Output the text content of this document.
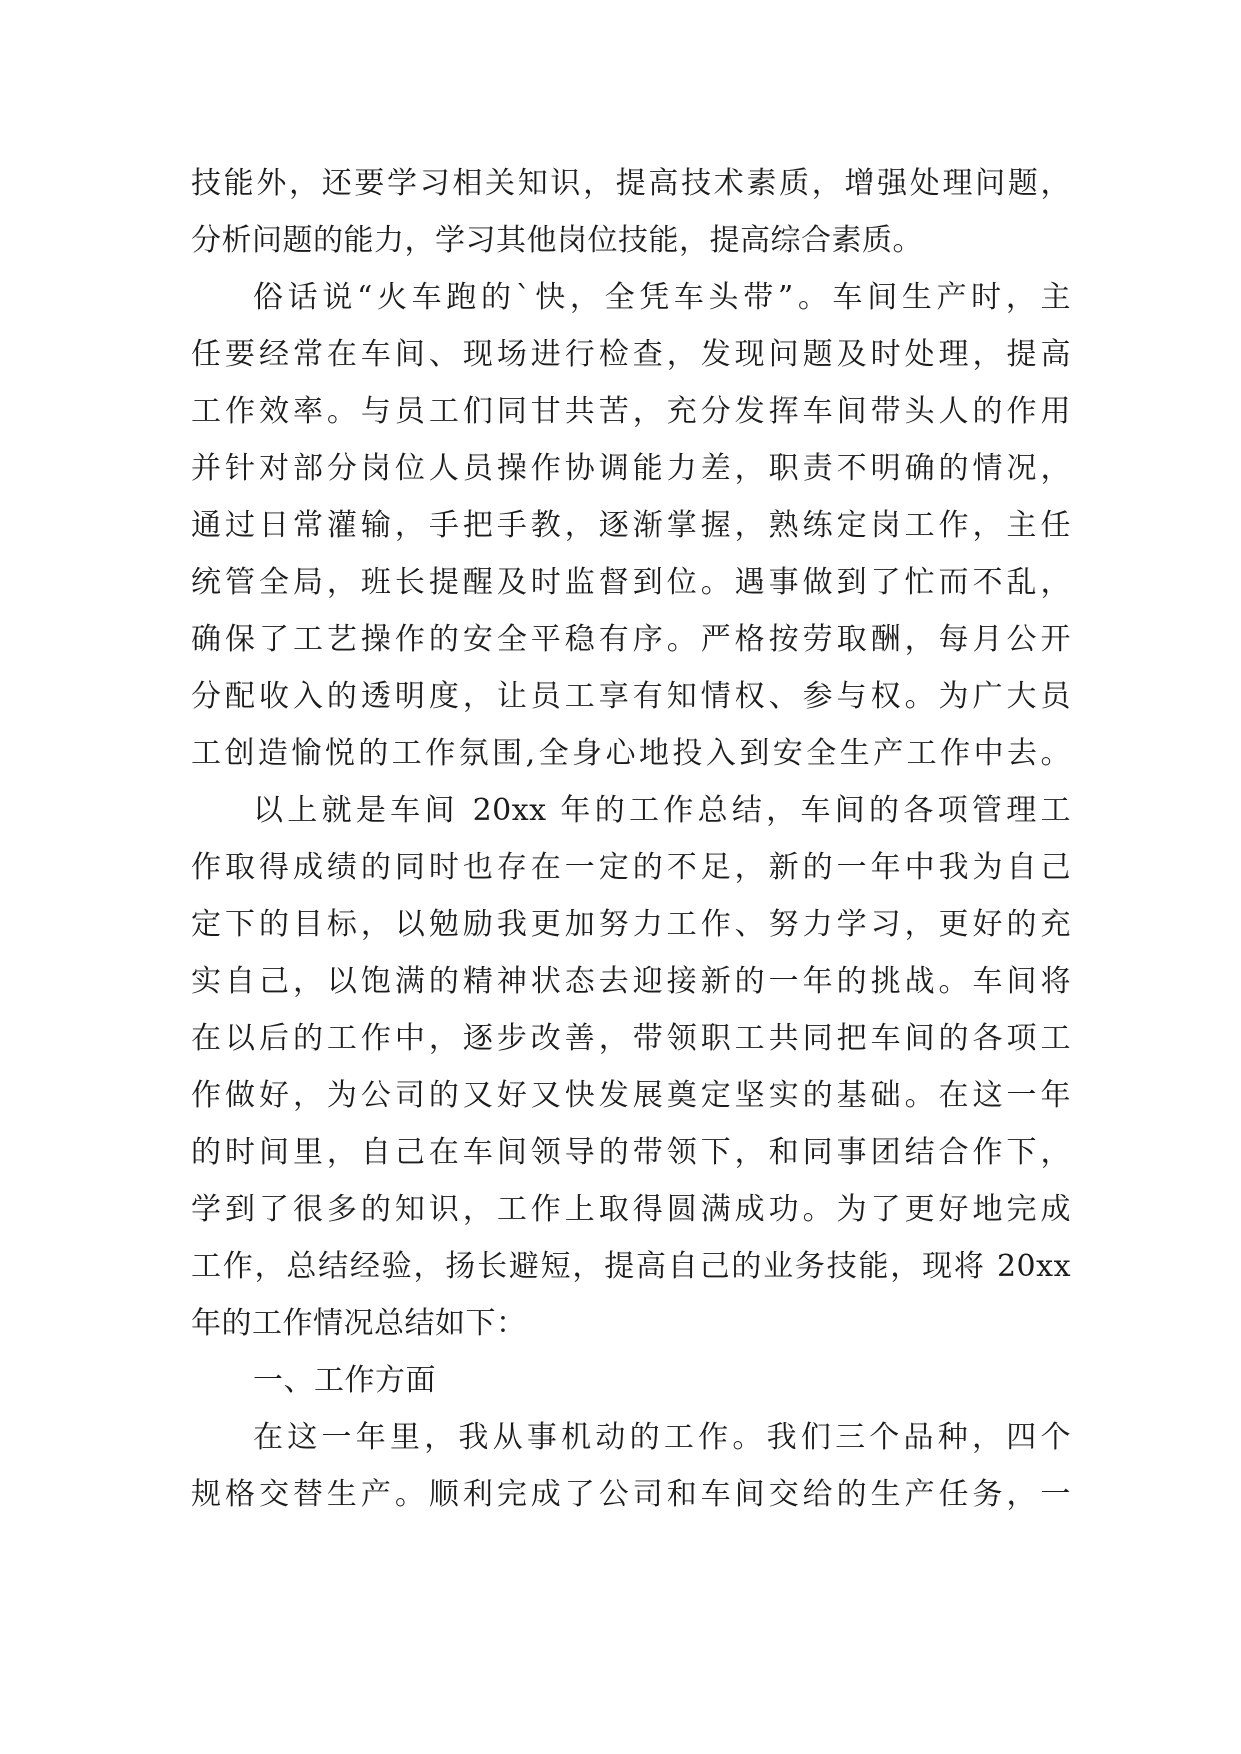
技能外，还要学习相关知识，提高技术素质，增强处理问题，
分析问题的能力，学习其他岗位技能，提高综合素质。
俗话说“火车跑的`快，全凭车头带”。车间生产时，主
任要经常在车间、现场进行检查，发现问题及时处理，提高
工作效率。与员工们同甘共苦，充分发挥车间带头人的作用
并针对部分岗位人员操作协调能力差，职责不明确的情况，
通过日常灌输，手把手教，逐渐掌握，熟练定岗工作，主任
统管全局，班长提醒及时监督到位。遇事做到了忙而不乱，
确保了工艺操作的安全平稳有序。严格按劳取酬，每月公开
分配收入的透明度，让员工享有知情权、参与权。为广大员
工创造愉悦的工作氛围,全身心地投入到安全生产工作中去。
以上就是车间 20xx 年的工作总结，车间的各项管理工
作取得成绩的同时也存在一定的不足，新的一年中我为自己
定下的目标，以勉励我更加努力工作、努力学习，更好的充
实自己，以饱满的精神状态去迎接新的一年的挑战。车间将
在以后的工作中，逐步改善，带领职工共同把车间的各项工
作做好，为公司的又好又快发展奠定坚实的基础。在这一年
的时间里，自己在车间领导的带领下，和同事团结合作下，
学到了很多的知识，工作上取得圆满成功。为了更好地完成
工作，总结经验，扬长避短，提高自己的业务技能，现将 20xx
年的工作情况总结如下：
一、工作方面
在这一年里，我从事机动的工作。我们三个品种，四个
规格交替生产。顺利完成了公司和车间交给的生产任务，一
